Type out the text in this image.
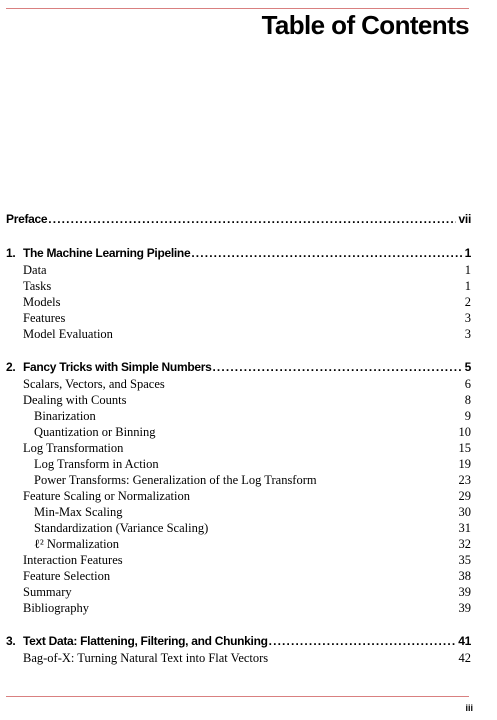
Table of Contents
Preface . . .	vii
1. The Machine Learning Pipeline . . .	1
Data	1
Tasks	1
Models	2
Features	3
Model Evaluation	3
2. Fancy Tricks with Simple Numbers . . .	5
Scalars, Vectors, and Spaces	6
Dealing with Counts	8
Binarization	9
Quantization or Binning	10
Log Transformation	15
Log Transform in Action	19
Power Transforms: Generalization of the Log Transform	23
Feature Scaling or Normalization	29
Min-Max Scaling	30
Standardization (Variance Scaling)	31
ℓ² Normalization	32
Interaction Features	35
Feature Selection	38
Summary	39
Bibliography	39
3. Text Data: Flattening, Filtering, and Chunking . . .	41
Bag-of-X: Turning Natural Text into Flat Vectors	42
iii
